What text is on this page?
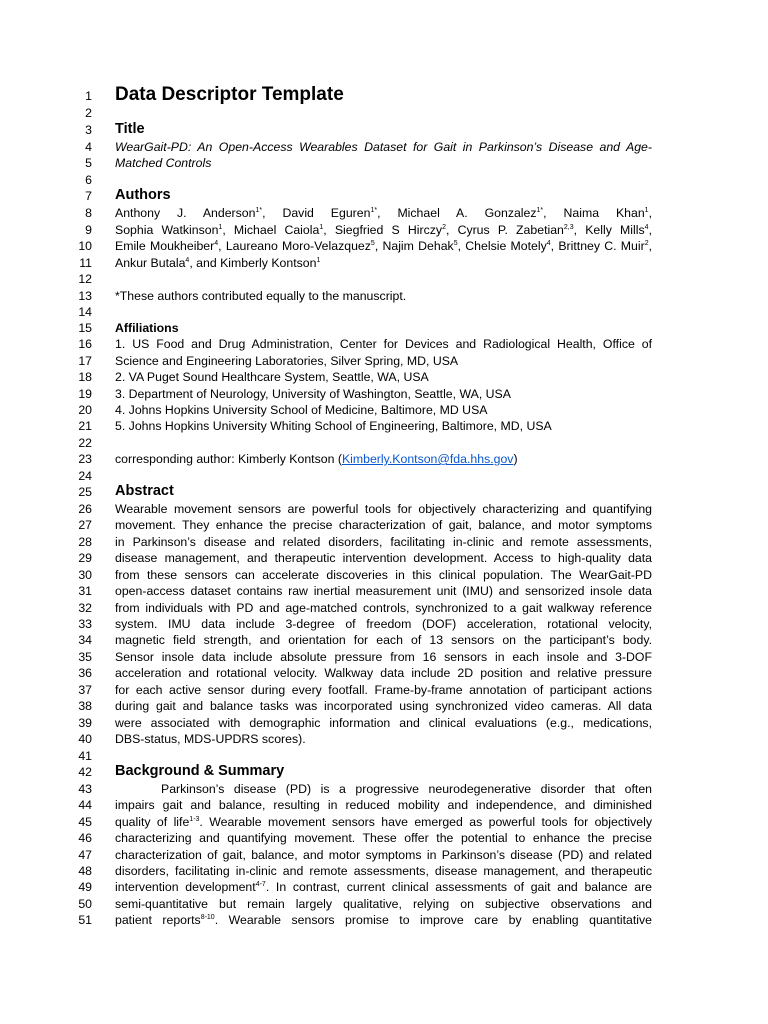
1
2
3
4
5
6
7
8
9
10
11
12
13
14
15
16
17
18
19
20
21
22
23
24
25
26
27
28
29
30
31
32
33
34
35
36
37
38
39
40
41
42
43
44
45
46
47
48
49
50
51
Data Descriptor Template
Title
WearGait-PD: An Open-Access Wearables Dataset for Gait in Parkinson’s Disease and Age-
Matched Controls
Authors
Anthony J. Anderson$^{1*}$, David Eguren$^{1*}$, Michael A. Gonzalez$^{1*}$, Naima Khan$^1$,
Sophia Watkinson$^1$, Michael Caiola$^1$, Siegfried S Hirczy$^2$, Cyrus P. Zabetian$^{2,3}$, Kelly Mills$^4$,
Emile Moukheiber$^4$, Laureano Moro-Velazquez$^5$, Najim Dehak$^5$, Chelsie Motely$^4$, Brittney C. Muir$^2$,
Ankur Butala$^4$, and Kimberly Kontson$^1$
*These authors contributed equally to the manuscript.
Affiliations
1. US Food and Drug Administration, Center for Devices and Radiological Health, Office of
Science and Engineering Laboratories, Silver Spring, MD, USA
2. VA Puget Sound Healthcare System, Seattle, WA, USA
3. Department of Neurology, University of Washington, Seattle, WA, USA
4. Johns Hopkins University School of Medicine, Baltimore, MD USA
5. Johns Hopkins University Whiting School of Engineering, Baltimore, MD, USA
corresponding author: Kimberly Kontson (Kimberly.Kontson@fda.hhs.gov)
Abstract
Wearable movement sensors are powerful tools for objectively characterizing and quantifying
movement. They enhance the precise characterization of gait, balance, and motor symptoms
in Parkinson’s disease and related disorders, facilitating in-clinic and remote assessments,
disease management, and therapeutic intervention development. Access to high-quality data
from these sensors can accelerate discoveries in this clinical population. The WearGait-PD
open-access dataset contains raw inertial measurement unit (IMU) and sensorized insole data
from individuals with PD and age-matched controls, synchronized to a gait walkway reference
system. IMU data include 3-degree of freedom (DOF) acceleration, rotational velocity,
magnetic field strength, and orientation for each of 13 sensors on the participant’s body.
Sensor insole data include absolute pressure from 16 sensors in each insole and 3-DOF
acceleration and rotational velocity. Walkway data include 2D position and relative pressure
for each active sensor during every footfall. Frame-by-frame annotation of participant actions
during gait and balance tasks was incorporated using synchronized video cameras. All data
were associated with demographic information and clinical evaluations (e.g., medications,
DBS-status, MDS-UPDRS scores).
Background & Summary
Parkinson’s disease (PD) is a progressive neurodegenerative disorder that often
impairs gait and balance, resulting in reduced mobility and independence, and diminished
quality of life$^{1-3}$. Wearable movement sensors have emerged as powerful tools for objectively
characterizing and quantifying movement. These offer the potential to enhance the precise
characterization of gait, balance, and motor symptoms in Parkinson’s disease (PD) and related
disorders, facilitating in-clinic and remote assessments, disease management, and therapeutic
intervention development$^{4-7}$. In contrast, current clinical assessments of gait and balance are
semi-quantitative but remain largely qualitative, relying on subjective observations and
patient reports$^{8-10}$. Wearable sensors promise to improve care by enabling quantitative
